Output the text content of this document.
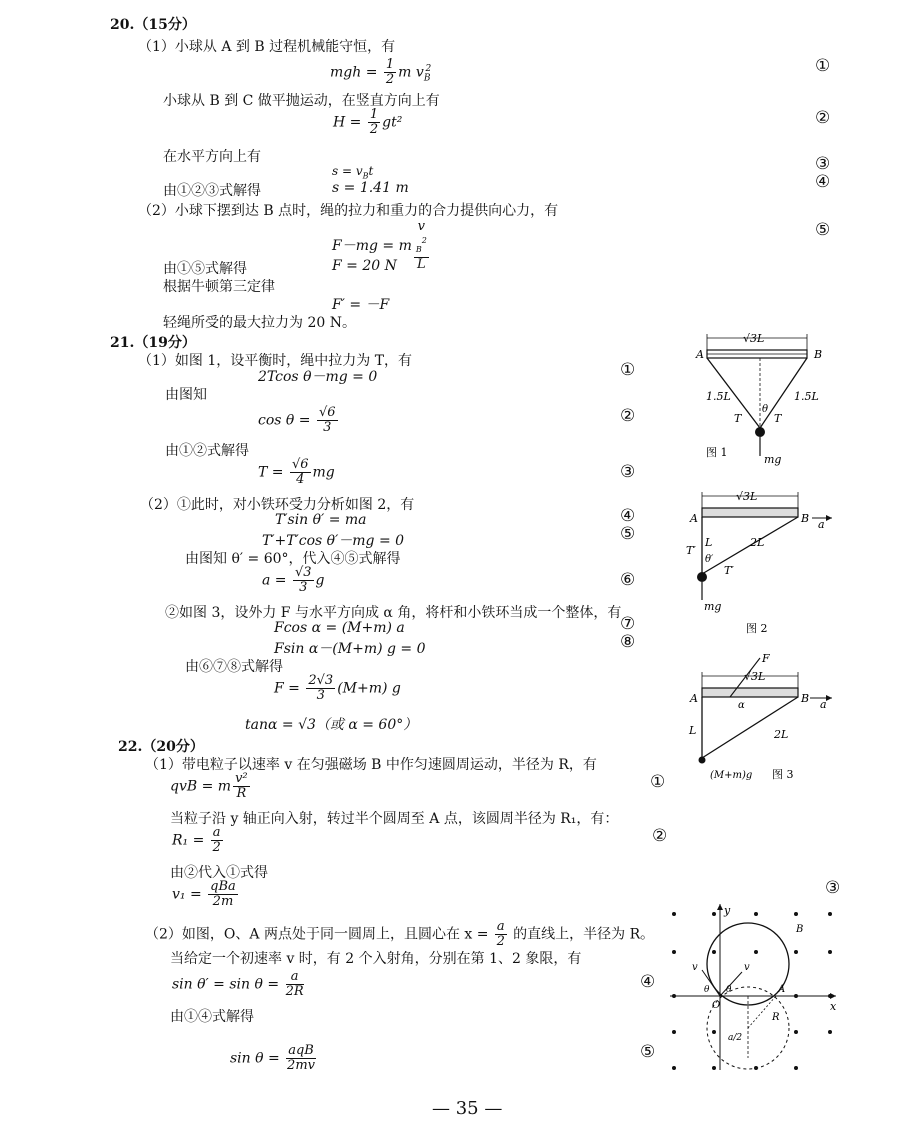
20.（15分）
（1）小球从 A 到 B 过程机械能守恒，有
mgh = $\frac{1}{2}$ m $v_B^2$	①
小球从 B 到 C 做平抛运动，在竖直方向上有
$H = \frac{1}{2} gt^2$	②
在水平方向上有
$s = v_Bt$	③
由①②③式解得	s = 1.41 m	④
（2）小球下摆到达 B 点时，绳的拉力和重力的合力提供向心力，有
F－mg = m v
$_B^2$
L	⑤
由①⑤式解得	F = 20 N
根据牛顿第三定律
F′ = －F
轻绳所受的最大拉力为 20 N。
21.（19分）
（1）如图 1，设平衡时，绳中拉力为 T，有
2Tcos θ－mg = 0	①
由图知
$\cos \theta = \frac{√6}{3}$	②
由①②式解得
$T = \frac{√6}{4}$ mg	③
（2）①此时，对小铁环受力分析如图 2，有
T′sin θ′ = ma	④
T′+T′cos θ′－mg = 0	⑤
由图知 θ′ = 60°，代入④⑤式解得
$a = \frac{√3}{3}$ g	⑥
②如图 3，设外力 F 与水平方向成 α 角，将杆和小铁环当成一个整体，有
Fcos α = (M+m) a	⑦
Fsin α－(M+m) g = 0	⑧
由⑥⑦⑧式解得
$F = \frac{2√3}{3} (M+m)$ g
tanα = √3（或 α = 60°）
22.（20分）
（1）带电粒子以速率 v 在匀强磁场 B 中作匀速圆周运动，半径为 R，有
qvB = m $\frac{\text{v²}}{R}$	①
当粒子沿 y 轴正向入射，转过半个圆周至 A 点，该圆周半径为 R₁，有：
$R_1 = \frac{a}{2}$	②
由②代入①式得
$v_1 = \frac{\text{qBa}}{2m}$	③
（2）如图，O、A 两点处于同一圆周上，且圆心在 $x = \frac{a}{2}$ 的直线上，半径为 R。
当给定一个初速率 v 时，有 2 个入射角，分别在第 1、2 象限，有
$\sin \theta' = \sin \theta = \frac{a}{2R}$	④
由①④式解得
$\sin \theta = \frac{\text{aqB}}{2mv}$	⑤
— 35 —
√3L
A	B
1.5L	1.5L
T	T
θ
mg
图 1
√3L
A	B a
L	2L
T′
T′
θ′
mg
图 2
√3L
A	B a
F
α
L	2L
(M+m)g 图 3
x
y
v	v
θ θ
O
A
B
R
a/2
